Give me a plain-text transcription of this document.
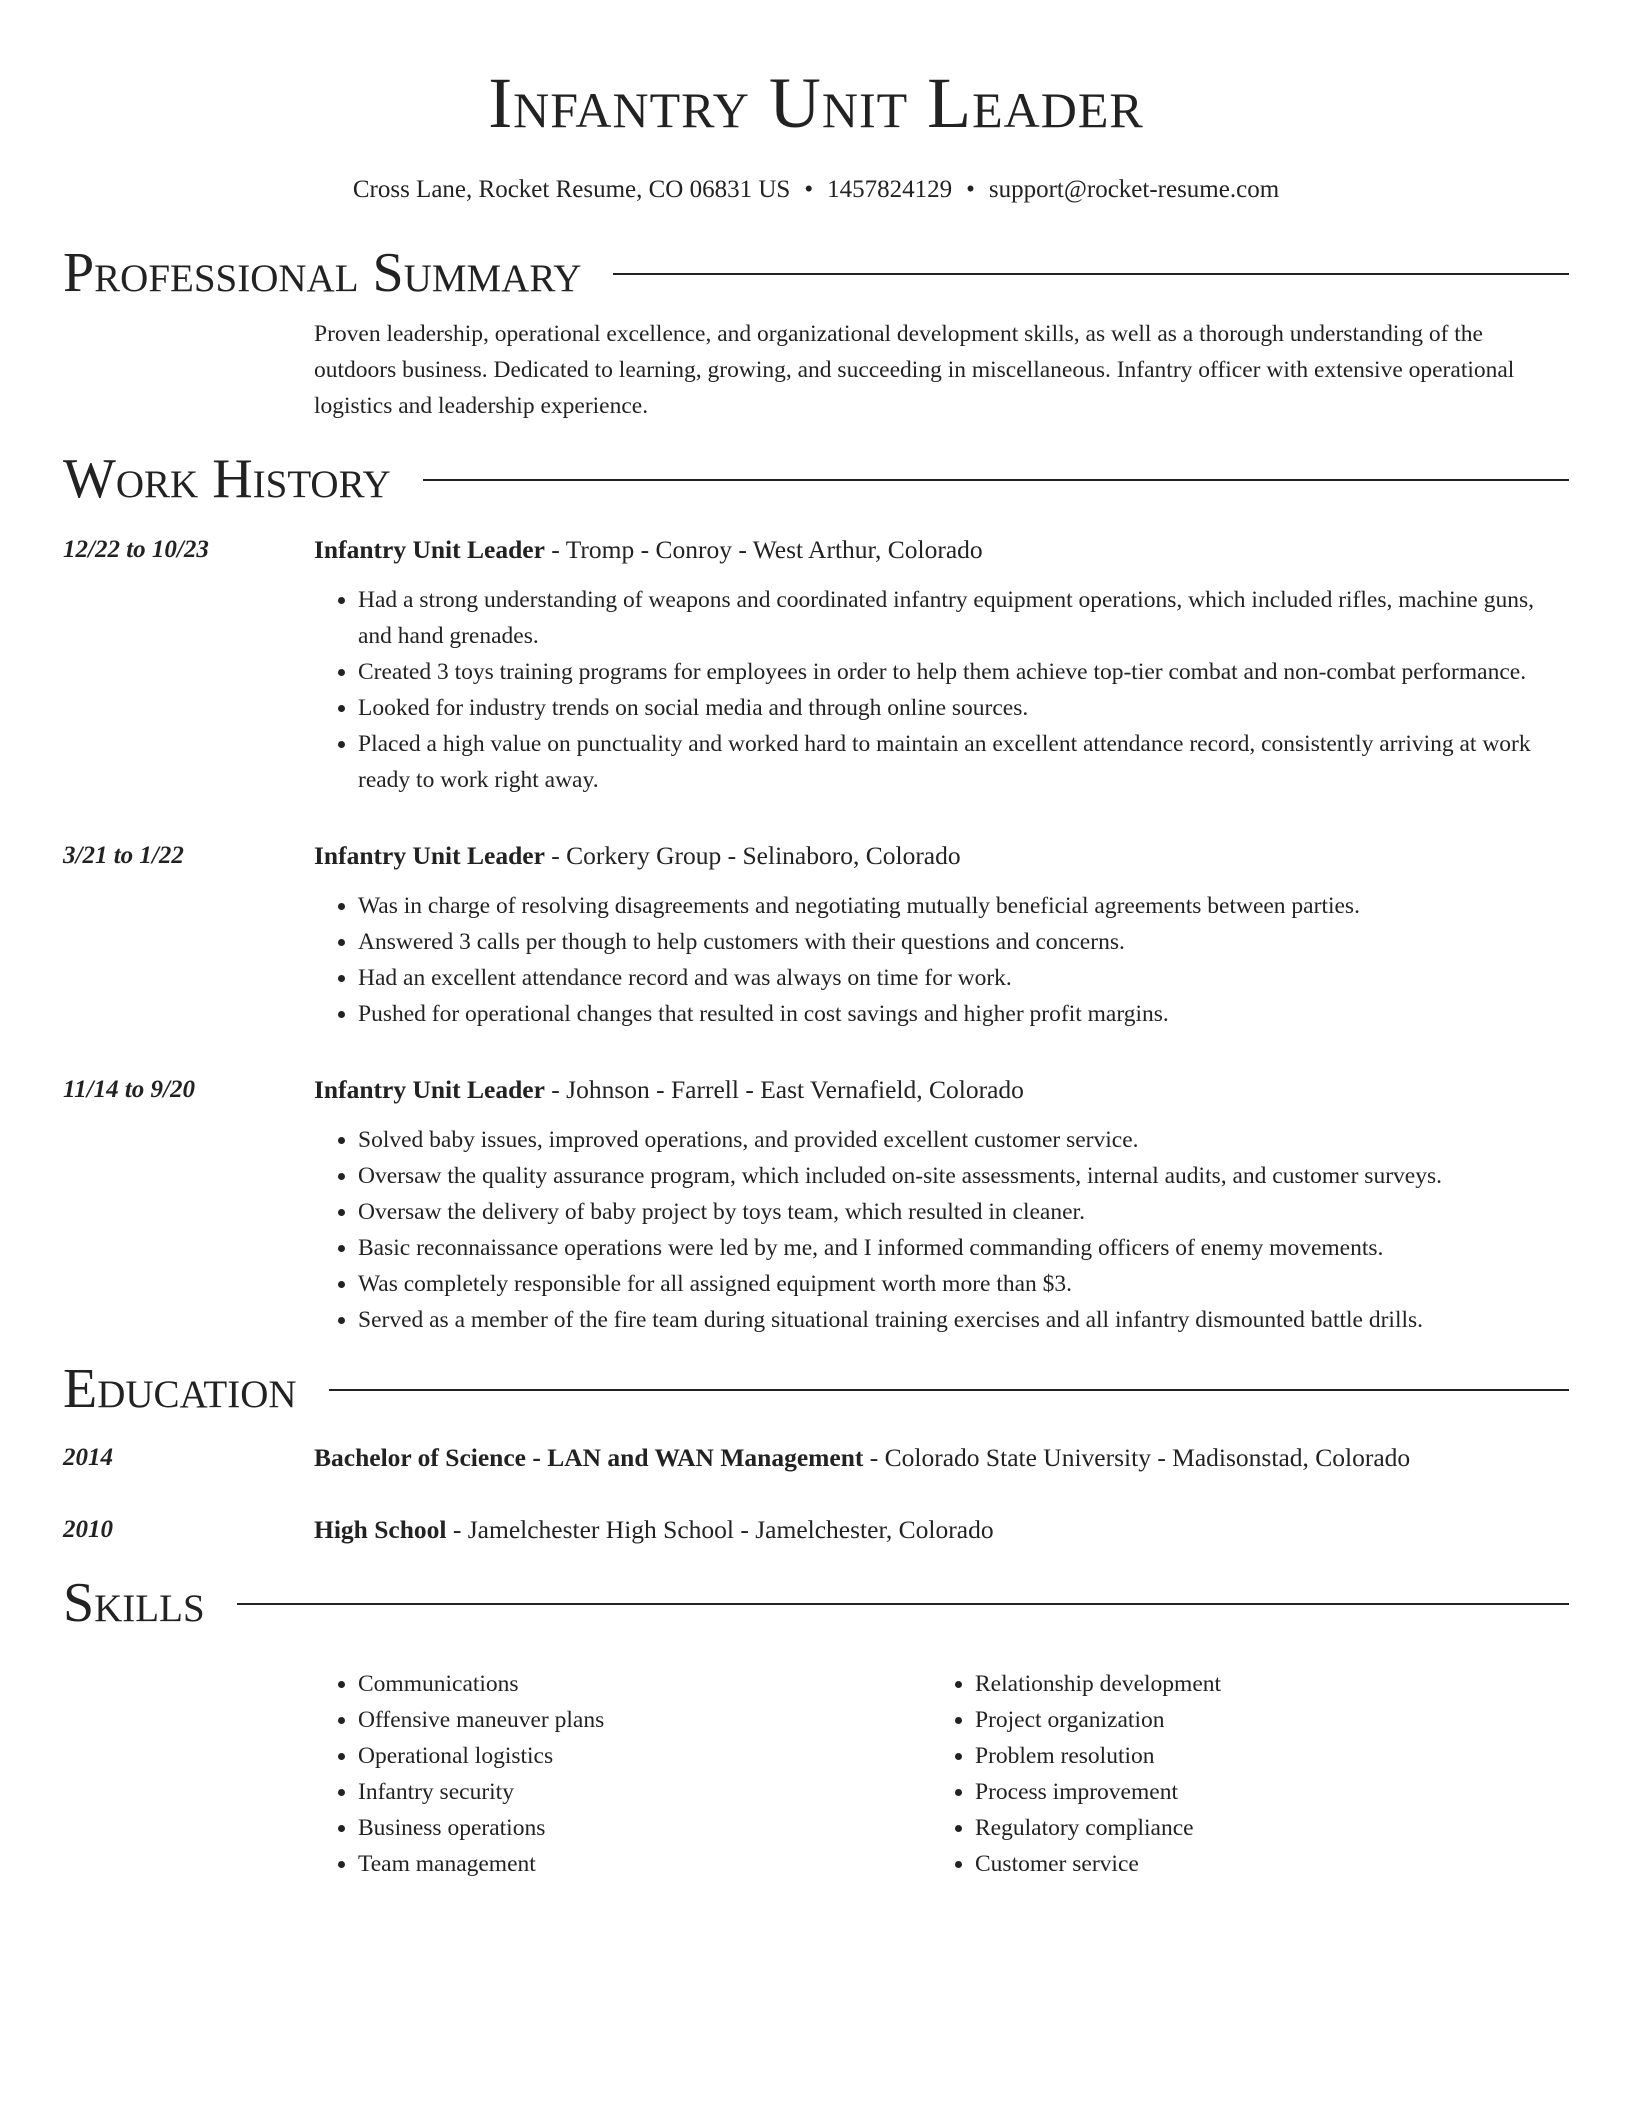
Infantry Unit Leader
Cross Lane, Rocket Resume, CO 06831 US • 1457824129 • support@rocket-resume.com
Professional Summary
Proven leadership, operational excellence, and organizational development skills, as well as a thorough understanding of the outdoors business. Dedicated to learning, growing, and succeeding in miscellaneous. Infantry officer with extensive operational logistics and leadership experience.
Work History
12/22 to 10/23	Infantry Unit Leader - Tromp - Conroy - West Arthur, Colorado
• Had a strong understanding of weapons and coordinated infantry equipment operations, which included rifles, machine guns, and hand grenades.
• Created 3 toys training programs for employees in order to help them achieve top-tier combat and non-combat performance.
• Looked for industry trends on social media and through online sources.
• Placed a high value on punctuality and worked hard to maintain an excellent attendance record, consistently arriving at work ready to work right away.
3/21 to 1/22	Infantry Unit Leader - Corkery Group - Selinaboro, Colorado
• Was in charge of resolving disagreements and negotiating mutually beneficial agreements between parties.
• Answered 3 calls per though to help customers with their questions and concerns.
• Had an excellent attendance record and was always on time for work.
• Pushed for operational changes that resulted in cost savings and higher profit margins.
11/14 to 9/20	Infantry Unit Leader - Johnson - Farrell - East Vernafield, Colorado
• Solved baby issues, improved operations, and provided excellent customer service.
• Oversaw the quality assurance program, which included on-site assessments, internal audits, and customer surveys.
• Oversaw the delivery of baby project by toys team, which resulted in cleaner.
• Basic reconnaissance operations were led by me, and I informed commanding officers of enemy movements.
• Was completely responsible for all assigned equipment worth more than $3.
• Served as a member of the fire team during situational training exercises and all infantry dismounted battle drills.
Education
2014	Bachelor of Science - LAN and WAN Management - Colorado State University - Madisonstad, Colorado
2010	High School - Jamelchester High School - Jamelchester, Colorado
Skills
• Communications
• Offensive maneuver plans
• Operational logistics
• Infantry security
• Business operations
• Team management
• Relationship development
• Project organization
• Problem resolution
• Process improvement
• Regulatory compliance
• Customer service
